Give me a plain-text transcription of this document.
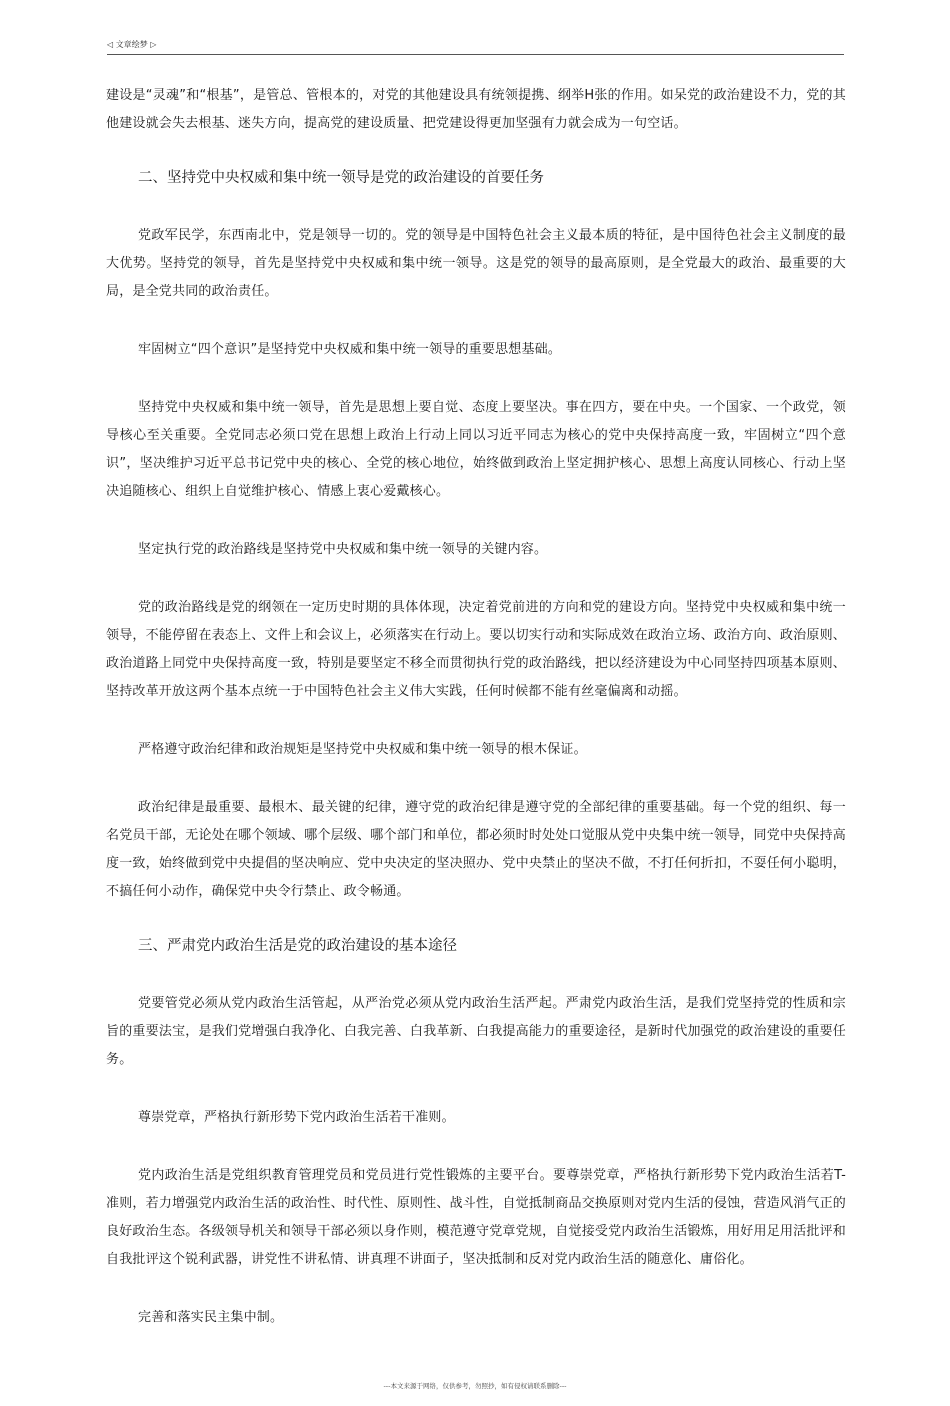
◁ 文章绘梦 ▷

建设是“灵魂”和“根基”，是管总、管根本的，对党的其他建设具有统领提携、纲举H张的作用。如呆党的政治建设不力，党的其他建设就会失去根基、迷失方向，提高党的建设质量、把党建设得更加坚强有力就会成为一句空话。

二、坚持党中央权威和集中统一领导是党的政治建设的首要任务

党政军民学，东西南北中，党是领导一切的。党的领导是中国特色社会主义最本质的特征，是中国待色社会主义制度的最大优势。坚持党的领导，首先是坚持党中央权威和集中统一领导。这是党的领导的最高原则，是全党最大的政治、最重要的大局，是全党共同的政治责任。

牢固树立“四个意识”是坚持党中央权威和集中统一领导的重要思想基础。

坚持党中央权威和集中统一领导，首先是思想上要自觉、态度上要坚决。事在四方，要在中央。一个国家、一个政党，领导核心至关重要。全党同志必须口党在思想上政治上行动上同以习近平同志为核心的党中央保持高度一致，牢固树立“四个意识”，坚决维护习近平总书记党中央的核心、全党的核心地位，始终做到政治上坚定拥护核心、思想上高度认同核心、行动上坚决追随核心、组织上自觉维护核心、情感上衷心爱戴核心。

坚定执行党的政治路线是坚持党中央权威和集中统一领导的关键内容。

党的政治路线是党的纲领在一定历史时期的具体体现，决定着党前进的方向和党的建设方向。坚持党中央权威和集中统一领导，不能停留在表态上、文件上和会议上，必须落实在行动上。要以切实行动和实际成效在政治立场、政治方向、政治原则、政治道路上同党中央保持高度一致，特别是要坚定不移全而贯彻执行党的政治路线，把以经济建设为中心同坚持四项基本原则、坚持改革开放这两个基本点统一于中国特色社会主义伟大实践，任何时候都不能有丝毫偏离和动摇。

严格遵守政治纪律和政治规矩是坚持党中央权威和集中统一领导的根木保证。

政治纪律是最重要、最根木、最关键的纪律，遵守党的政治纪律是遵守党的全部纪律的重要基础。每一个党的组织、每一名党员干部，无论处在哪个领域、哪个层级、哪个部门和单位，都必须时时处处口觉服从党中央集中统一领导，同党中央保持高度一致，始终做到党中央提倡的坚决响应、党中央决定的坚决照办、党中央禁止的坚决不做，不打任何折扣，不耍任何小聪明，不搞任何小动作，确保党中央令行禁止、政令畅通。

三、严肃党内政治生活是党的政治建设的基本途径

党要管党必须从党内政治生活管起，从严治党必须从党内政治生活严起。严肃党内政治生活，是我们党坚持党的性质和宗旨的重要法宝，是我们党增强白我净化、白我完善、白我革新、白我提高能力的重要途径，是新时代加强党的政治建设的重要任务。

尊崇党章，严格执行新形势下党内政治生活若干准则。

党内政治生活是党组织教育管理党员和党员进行党性锻炼的主要平台。要尊崇党章，严格执行新形势下党内政治生活若T-准则，若力增强党内政治生活的政治性、时代性、原则性、战斗性，自觉抵制商品交换原则对党内生活的侵蚀，营造风消气正的良好政治生态。各级领导机关和领导干部必须以身作则，模范遵守党章党规，自觉接受党内政治生活锻炼，用好用足用活批评和自我批评这个锐利武器，讲党性不讲私情、讲真理不讲面子，坚决抵制和反对党内政治生活的随意化、庸俗化。

完善和落实民主集中制。

---本文来源于网络，仅供参考，勿照抄，如有侵权请联系删除---
